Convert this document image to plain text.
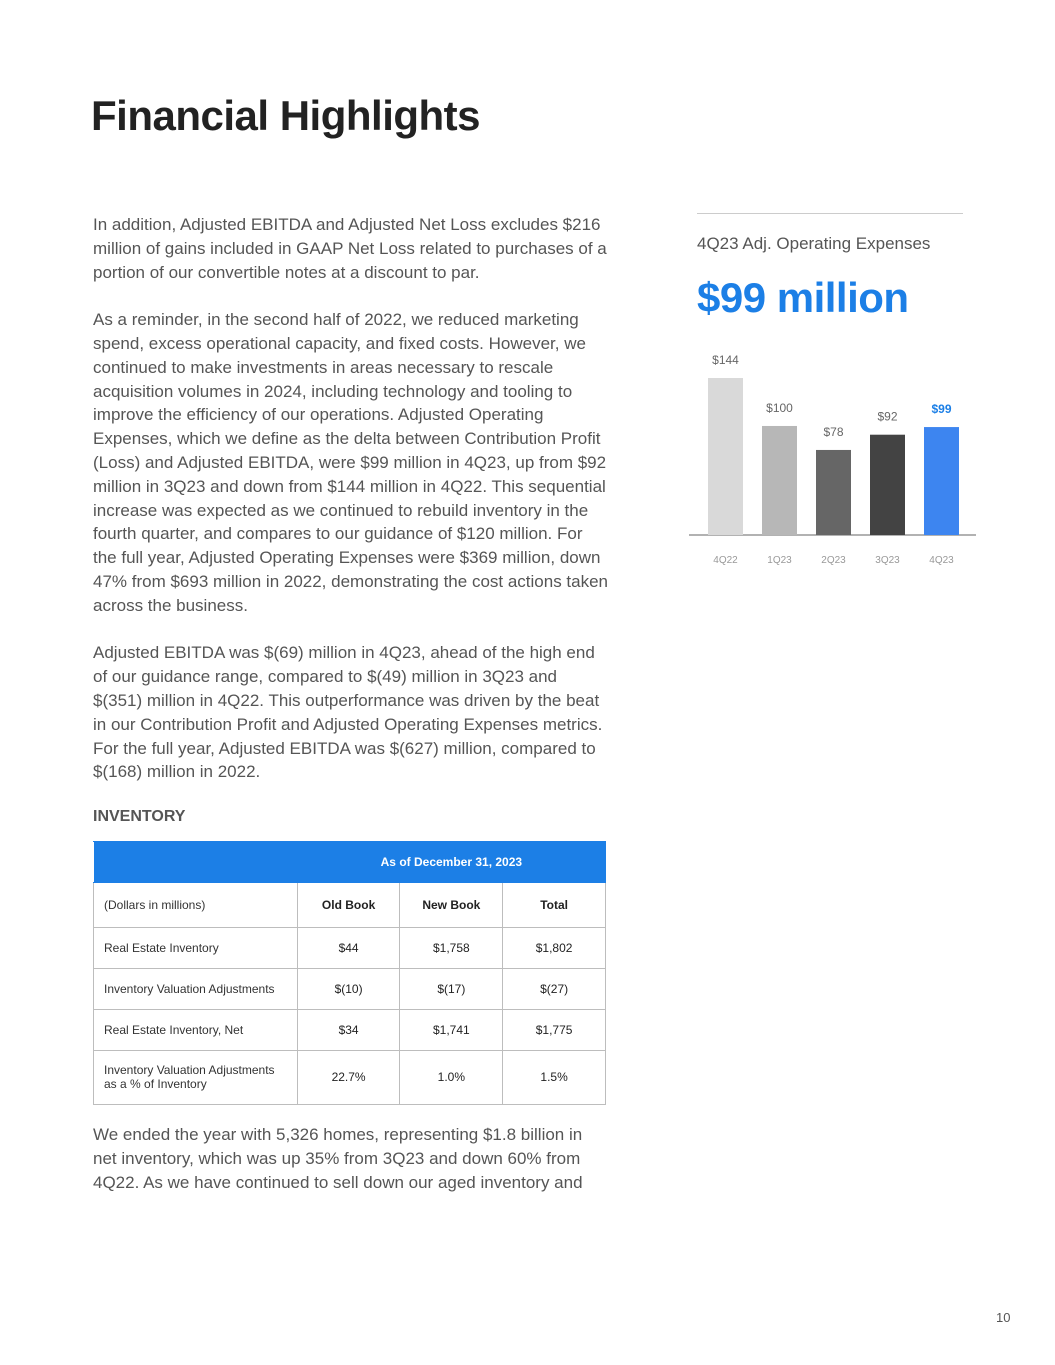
Financial Highlights

In addition, Adjusted EBITDA and Adjusted Net Loss excludes $216 million of gains included in GAAP Net Loss related to purchases of a portion of our convertible notes at a discount to par.

As a reminder, in the second half of 2022, we reduced marketing spend, excess operational capacity, and fixed costs. However, we continued to make investments in areas necessary to rescale acquisition volumes in 2024, including technology and tooling to improve the efficiency of our operations. Adjusted Operating Expenses, which we define as the delta between Contribution Profit (Loss) and Adjusted EBITDA, were $99 million in 4Q23, up from $92 million in 3Q23 and down from $144 million in 4Q22. This sequential increase was expected as we continued to rebuild inventory in the fourth quarter, and compares to our guidance of $120 million. For the full year, Adjusted Operating Expenses were $369 million, down 47% from $693 million in 2022, demonstrating the cost actions taken across the business.

Adjusted EBITDA was $(69) million in 4Q23, ahead of the high end of our guidance range, compared to $(49) million in 3Q23 and $(351) million in 4Q22. This outperformance was driven by the beat in our Contribution Profit and Adjusted Operating Expenses metrics. For the full year, Adjusted EBITDA was $(627) million, compared to $(168) million in 2022.

INVENTORY
	As of December 31, 2023		
(Dollars in millions)	Old Book	New Book	Total
Real Estate Inventory	$44	$1,758	$1,802
Inventory Valuation Adjustments	$(10)	$(17)	$(27)
Real Estate Inventory, Net	$34	$1,741	$1,775
Inventory Valuation Adjustments as a % of Inventory	22.7%	1.0%	1.5%

We ended the year with 5,326 homes, representing $1.8 billion in net inventory, which was up 35% from 3Q23 and down 60% from 4Q22. As we have continued to sell down our aged inventory and

4Q23 Adj. Operating Expenses
$99 million
$144
4Q22
$100
1Q23
$78
2Q23
$92
3Q23
$99
4Q23
10
